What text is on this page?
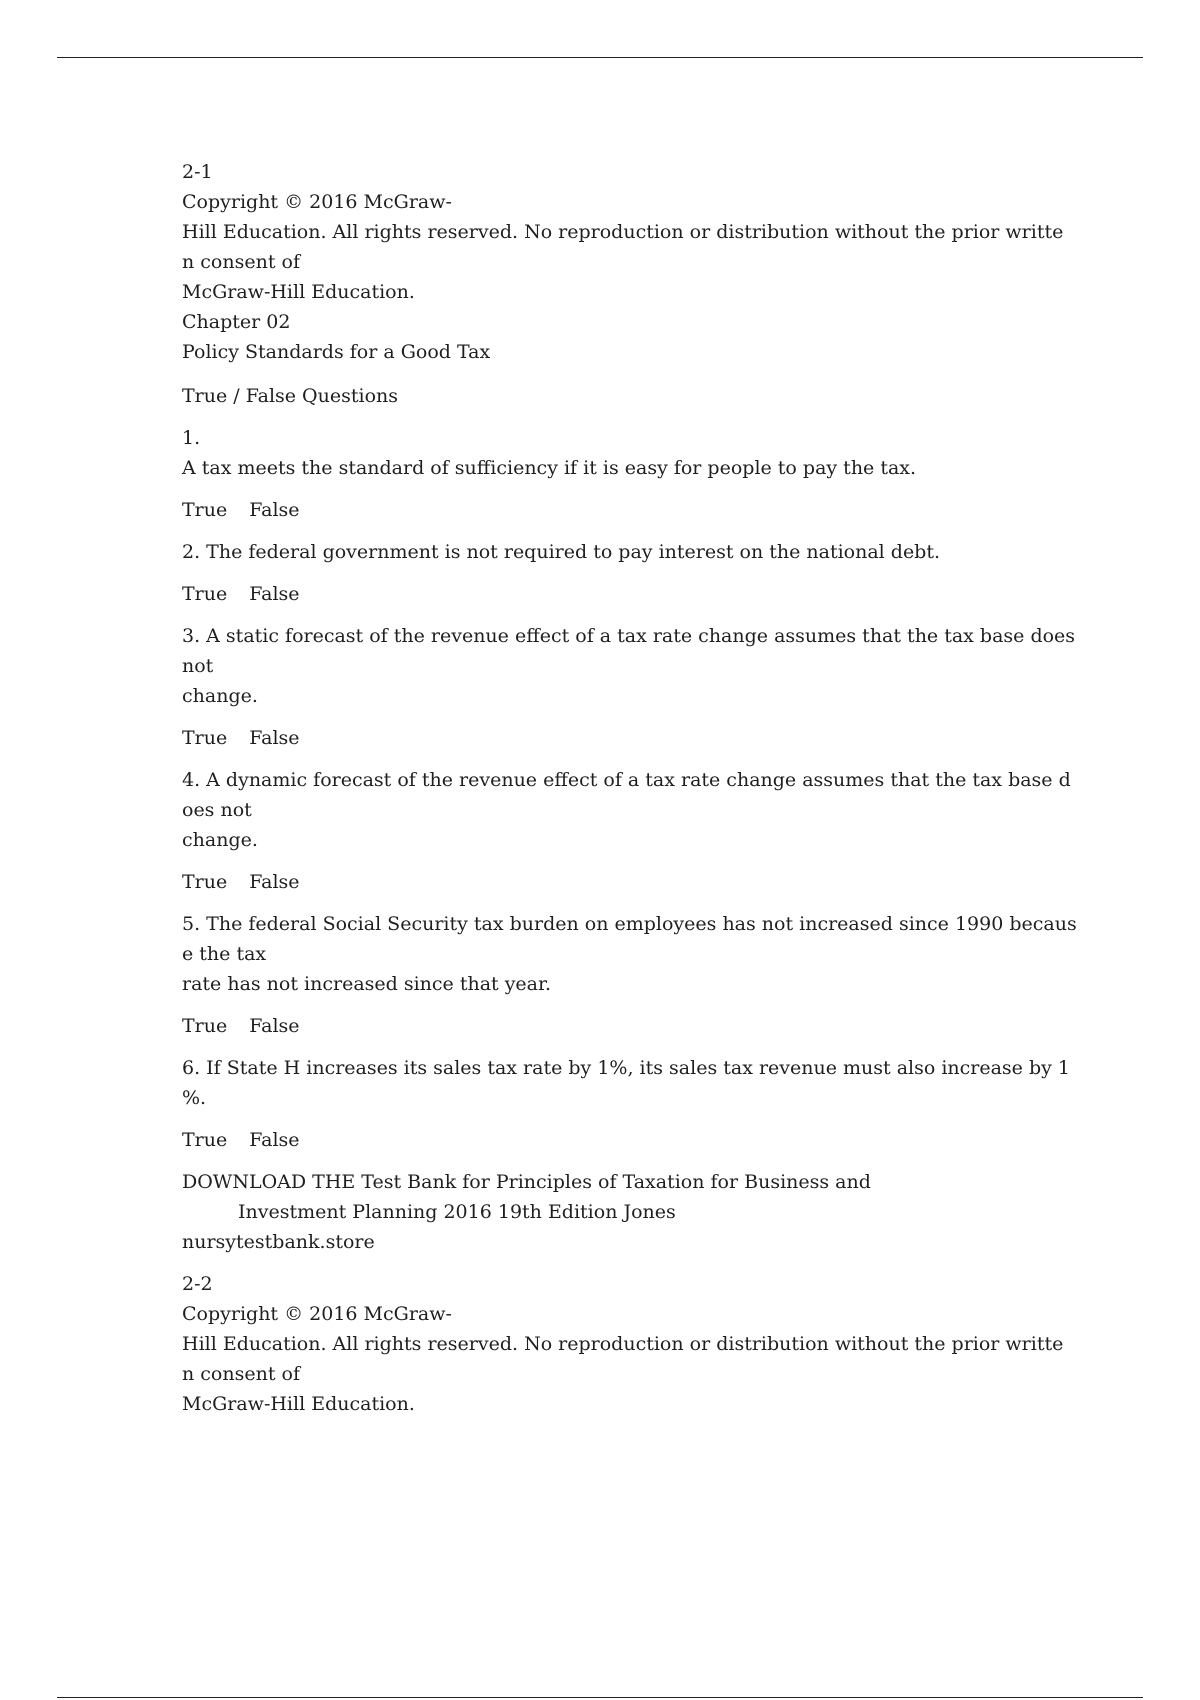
2-1
Copyright © 2016 McGraw-
Hill Education. All rights reserved. No reproduction or distribution without the prior writte
n consent of
McGraw-Hill Education.
Chapter 02
Policy Standards for a Good Tax
True / False Questions
1.
A tax meets the standard of sufficiency if it is easy for people to pay the tax.
True False
2. The federal government is not required to pay interest on the national debt.
True False
3. A static forecast of the revenue effect of a tax rate change assumes that the tax base does
not
change.
True False
4. A dynamic forecast of the revenue effect of a tax rate change assumes that the tax base d
oes not
change.
True False
5. The federal Social Security tax burden on employees has not increased since 1990 becaus
e the tax
rate has not increased since that year.
True False
6. If State H increases its sales tax rate by 1%, its sales tax revenue must also increase by 1
%.
True False
DOWNLOAD THE Test Bank for Principles of Taxation for Business and
Investment Planning 2016 19th Edition Jones
nursytestbank.store
2-2
Copyright © 2016 McGraw-
Hill Education. All rights reserved. No reproduction or distribution without the prior writte
n consent of
McGraw-Hill Education.
